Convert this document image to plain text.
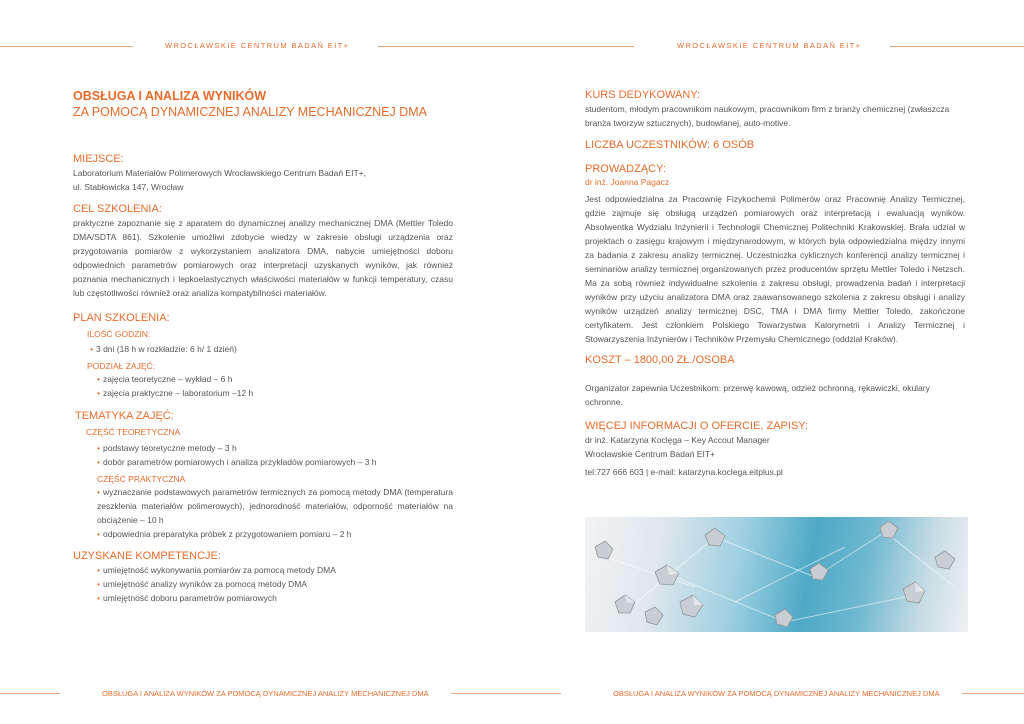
WROCŁAWSKIE CENTRUM BADAŃ EIT+	WROCŁAWSKIE CENTRUM BADAŃ EIT+
OBSŁUGA I ANALIZA WYNIKÓW
ZA POMOCĄ DYNAMICZNEJ ANALIZY MECHANICZNEJ DMA
MIEJSCE:

Laboratorium Materiałów Polimerowych Wrocławskiego Centrum Badań EIT+,

ul. Stabłowicka 147, Wrocław

CEL SZKOLENIA:

praktyczne zapoznanie się z aparatem do dynamicznej analizy mechanicznej DMA (Mettler Toledo DMA/SDTA 861). Szkolenie umożliwi zdobycie wiedzy w zakresie obsługi urządzenia oraz przygotowania pomiarów z wykorzystaniem analizatora DMA, nabycie umiejętności doboru odpowiednich parametrów pomiarowych oraz interpretacji uzyskanych wyników, jak również poznania mechanicznych i lepkoelastycznych właściwości materiałów w funkcji temperatury, czasu lub częstotliwości również oraz analiza kompatybilności materiałów.

PLAN SZKOLENIA:
ILOŚĆ GODZIN:
• 3 dni (18 h w rozkładzie: 6 h/ 1 dzień)
PODZIAŁ ZAJĘĆ:
• zajęcia teoretyczne – wykład – 6 h
• zajęcia praktyczne – laboratorium –12 h
TEMATYKA ZAJĘĆ:
CZĘŚĆ TEORETYCZNA
• podstawy teoretyczne metody – 3 h
• dobór parametrów pomiarowych i analiza przykładów pomiarowych – 3 h
CZĘŚĆ PRAKTYCZNA
• wyznaczanie podstawowych parametrów termicznych za pomocą metody DMA (temperatura zeszklenia materiałów polimerowych), jednorodność materiałów, odporność materiałów na obciążenie – 10 h
• odpowiednia preparatyka próbek z przygotowaniem pomiaru – 2 h
UZYSKANE KOMPETENCJE:
• umiejętność wykonywania pomiarów za pomocą metody DMA
• umiejętność analizy wyników za pomocą metody DMA
• umiejętność doboru parametrów pomiarowych
KURS DEDYKOWANY:

studentom, młodym pracownikom naukowym, pracownikom firm z branży chemicznej (zwłaszcza branża tworzyw sztucznych), budowlanej, auto-motive.

LICZBA UCZESTNIKÓW: 6 OSÓB
PROWADZĄCY:
dr inż. Joanna Pagacz

Jest odpowiedzialna za Pracownię Fizykochemii Polimerów oraz Pracownię Analizy Termicznej, gdzie zajmuje się obsługą urządzeń pomiarowych oraz interpretacją i ewaluacją wyników. Absolwentka Wydziału Inżynierii i Technologii Chemicznej Politechniki Krakowskiej. Brała udział w projektach o zasięgu krajowym i międzynarodowym, w których była odpowiedzialna między innymi za badania z zakresu analizy termicznej. Uczestniczka cyklicznych konferencji analizy termicznej i seminariów analizy termicznej organizowanych przez producentów sprzętu Mettler Toledo i Netzsch. Ma za sobą również indywidualne szkolenia z zakresu obsługi, prowadzenia badań i interpretacji wyników przy użyciu analizatora DMA oraz zaawansowanego szkolenia z zakresu obsługi i analizy wyników urządzeń analizy termicznej DSC, TMA i DMA firmy Mettler Toledo, zakończone certyfikatem. Jest członkiem Polskiego Towarzystwa Kalorymetrii i Analizy Termicznej i Stowarzyszenia Inżynierów i Techników Przemysłu Chemicznego (oddział Kraków).

KOSZT – 1800,00 ZŁ./OSOBA

Organizator zapewnia Uczestnikom: przerwę kawową, odzież ochronną, rękawiczki, okulary ochronne.

WIĘCEJ INFORMACJI O OFERCIE, ZAPISY:

dr inż. Katarzyna Koclęga – Key Accout Manager

Wrocławskie Centrum Badań EIT+

tel:727 666 603 | e-mail: katarzyna.koclega.eitplus.pl

OBSŁUGA I ANALIZA WYNIKÓW ZA POMOCĄ DYNAMICZNEJ ANALIZY MECHANICZNEJ DMA	OBSŁUGA I ANALIZA WYNIKÓW ZA POMOCĄ DYNAMICZNEJ ANALIZY MECHANICZNEJ DMA
